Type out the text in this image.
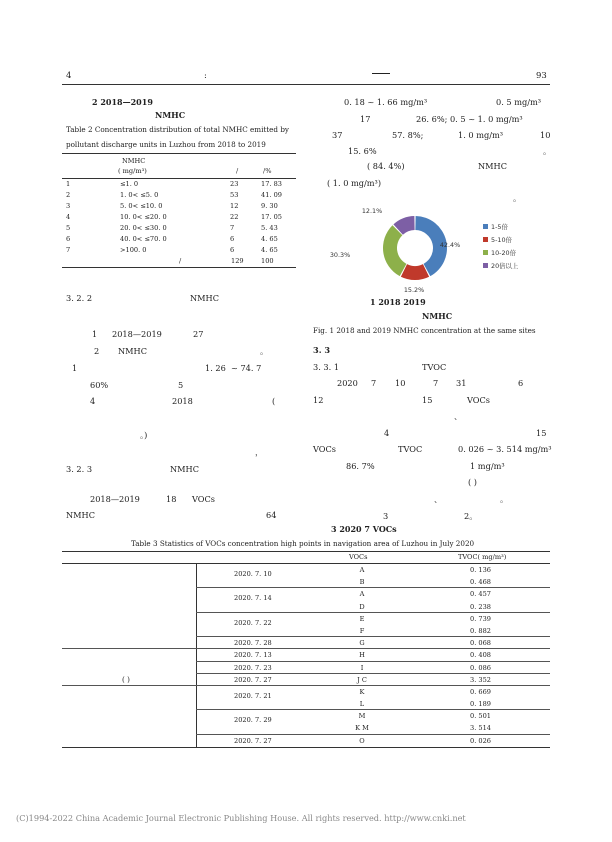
4	:	93
2 2018—2019
NMHC
Table 2 Concentration distribution of total NMHC emitted by
pollutant discharge units in Luzhou from 2018 to 2019
NMHC
( mg/m³)	/	/%
1	≤1. 0	23	17. 83
2	1. 0< ≤5. 0	53	41. 09
3	5. 0< ≤10. 0	12	9. 30
4	10. 0< ≤20. 0	22	17. 05
5	20. 0< ≤30. 0	7	5. 43
6	40. 0< ≤70. 0	6	4. 65
7	>100. 0	6	4. 65
/	129	100
3. 2. 2	NMHC
1 2018—2019	27
2 NMHC	。
1	1. 26 ~ 74. 7
60%	5
4	2018	(
。)
，
3. 2. 3	NMHC
2018—2019	18 VOCs
NMHC	64
0. 18 ~ 1. 66 mg/m³	0. 5 mg/m³
17	26. 6%; 0. 5 ~ 1. 0 mg/m³
37	57. 8%;	1. 0 mg/m³	10
15. 6%	。
( 84. 4%)	NMHC
( 1. 0 mg/m³)
。
42.4%
15.2%
30.3%
12.1%
1-5倍
5-10倍
10-20倍
20倍以上
1 2018 2019
NMHC
Fig. 1 2018 and 2019 NMHC concentration at the same sites
3. 3
3. 3. 1	TVOC
2020 7 10	7 31	6
12	15	VOCs
、
4	15
VOCs	TVOC	0. 026 ~ 3. 514 mg/m³
86. 7%	1 mg/m³
( )
、	。
3	2。
3 2020 7 VOCs
Table 3 Statistics of VOCs concentration high points in navigation area of Luzhou in July 2020
VOCs	TVOC( mg/m³)
( )
2020. 7. 10	A	0. 136
B	0. 468
2020. 7. 14	A	0. 457
D	0. 238
2020. 7. 22	E	0. 739
F	0. 882
2020. 7. 28	G	0. 068
2020. 7. 13	H	0. 408
2020. 7. 23	I	0. 086
2020. 7. 27	J C	3. 352
2020. 7. 21	K	0. 669
L	0. 189
2020. 7. 29	M	0. 501
K M	3. 514
2020. 7. 27	O	0. 026
(C)1994-2022 China Academic Journal Electronic Publishing House. All rights reserved. http://www.cnki.net
